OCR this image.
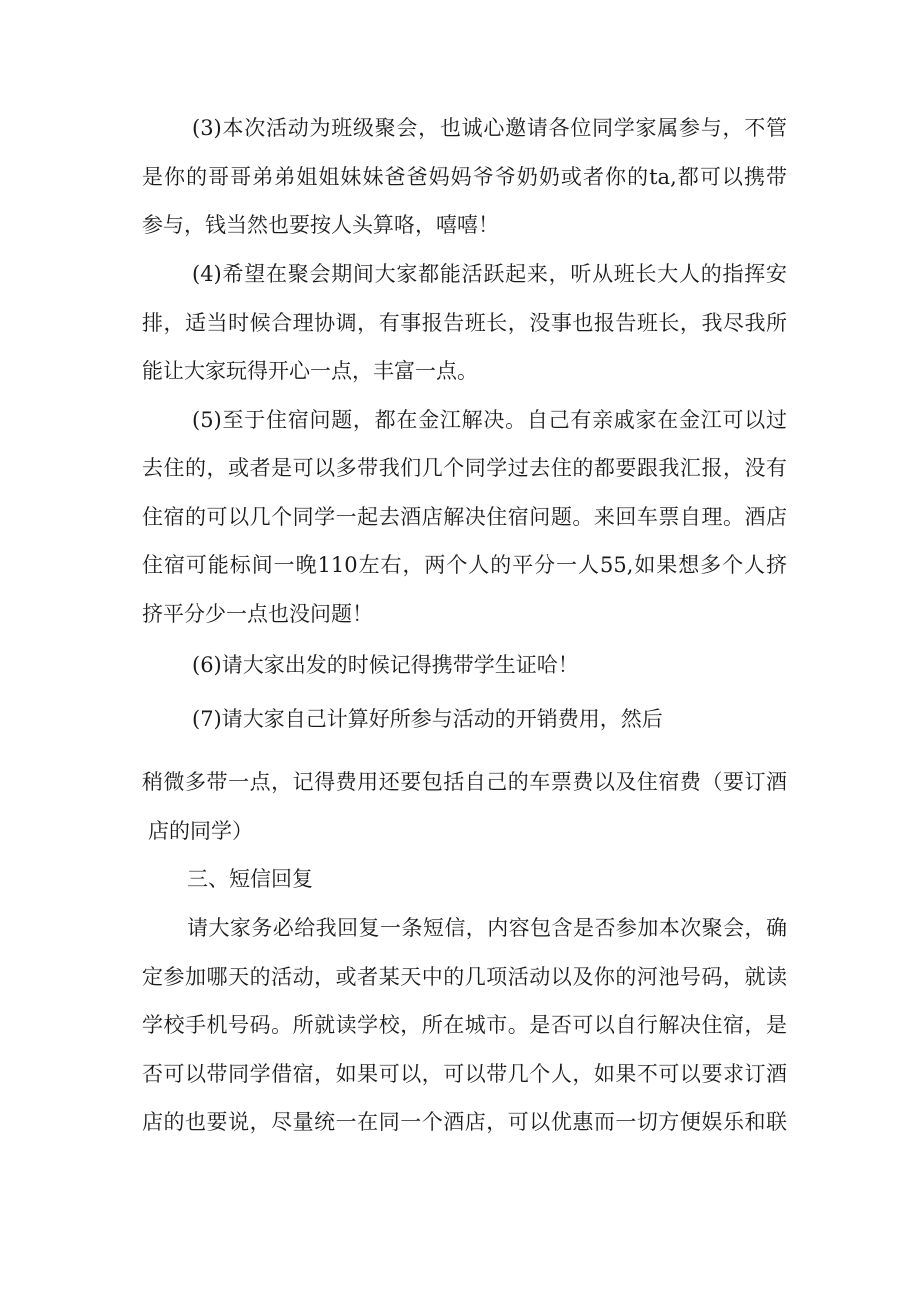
(3)本次活动为班级聚会，也诚心邀请各位同学家属参与，不管

是你的哥哥弟弟姐姐妹妹爸爸妈妈爷爷奶奶或者你的ta,都可以携带

参与，钱当然也要按人头算咯，嘻嘻！

(4)希望在聚会期间大家都能活跃起来，听从班长大人的指挥安

排，适当时候合理协调，有事报告班长，没事也报告班长，我尽我所

能让大家玩得开心一点，丰富一点。

(5)至于住宿问题，都在金江解决。自己有亲戚家在金江可以过

去住的，或者是可以多带我们几个同学过去住的都要跟我汇报，没有

住宿的可以几个同学一起去酒店解决住宿问题。来回车票自理。酒店

住宿可能标间一晚110左右，两个人的平分一人55,如果想多个人挤

挤平分少一点也没问题！

(6)请大家出发的时候记得携带学生证哈！

(7)请大家自己计算好所参与活动的开销费用，然后

稍微多带一点，记得费用还要包括自己的车票费以及住宿费（要订酒

店的同学）

三、短信回复

请大家务必给我回复一条短信，内容包含是否参加本次聚会，确

定参加哪天的活动，或者某天中的几项活动以及你的河池号码，就读

学校手机号码。所就读学校，所在城市。是否可以自行解决住宿，是

否可以带同学借宿，如果可以，可以带几个人，如果不可以要求订酒

店的也要说，尽量统一在同一个酒店，可以优惠而一切方便娱乐和联
